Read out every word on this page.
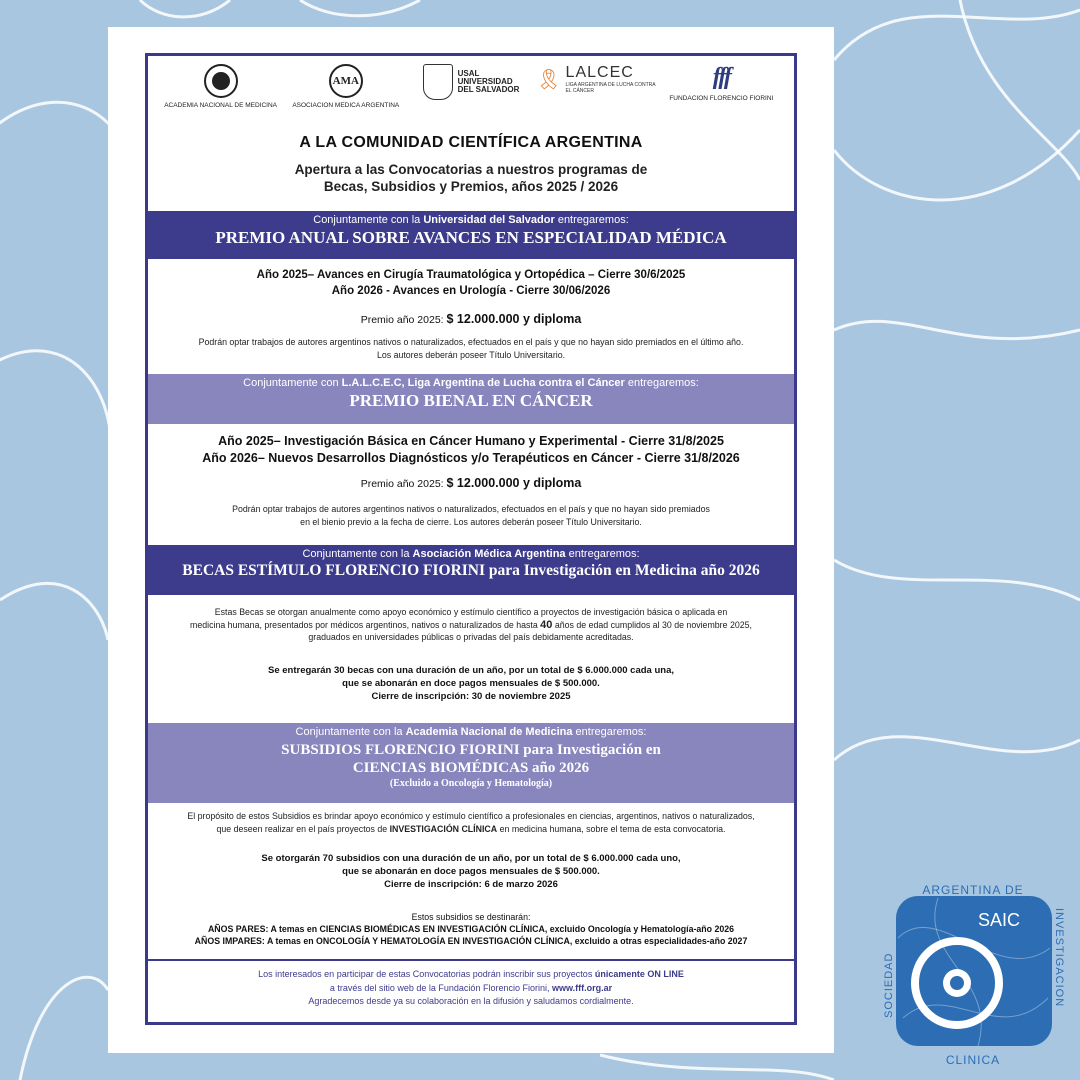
ACADEMIA NACIONAL DE MEDICINA
AMA
ASOCIACION MEDICA ARGENTINA
USAL
UNIVERSIDAD
DEL SALVADOR 🎗 LALCEC
LIGA ARGENTINA DE LUCHA CONTRA EL CÁNCER
fff
FUNDACION FLORENCIO FIORINI
A LA COMUNIDAD CIENTÍFICA ARGENTINA
Apertura a las Convocatorias a nuestros programas de
Becas, Subsidios y Premios, años 2025 / 2026
Conjuntamente con la Universidad del Salvador entregaremos:
PREMIO ANUAL SOBRE AVANCES EN ESPECIALIDAD MÉDICA
Año 2025– Avances en Cirugía Traumatológica y Ortopédica – Cierre 30/6/2025
Año 2026 - Avances en Urología - Cierre 30/06/2026
Premio año 2025: $ 12.000.000 y diploma
Podrán optar trabajos de autores argentinos nativos o naturalizados, efectuados en el país y que no hayan sido premiados en el último año.
Los autores deberán poseer Título Universitario.
Conjuntamente con L.A.L.C.E.C, Liga Argentina de Lucha contra el Cáncer entregaremos:
PREMIO BIENAL EN CÁNCER
Año 2025– Investigación Básica en Cáncer Humano y Experimental - Cierre 31/8/2025
Año 2026– Nuevos Desarrollos Diagnósticos y/o Terapéuticos en Cáncer - Cierre 31/8/2026
Premio año 2025: $ 12.000.000 y diploma
Podrán optar trabajos de autores argentinos nativos o naturalizados, efectuados en el país y que no hayan sido premiados
en el bienio previo a la fecha de cierre. Los autores deberán poseer Título Universitario.
Conjuntamente con la Asociación Médica Argentina entregaremos:
BECAS ESTÍMULO FLORENCIO FIORINI para Investigación en Medicina año 2026
Estas Becas se otorgan anualmente como apoyo económico y estímulo científico a proyectos de investigación básica o aplicada en
medicina humana, presentados por médicos argentinos, nativos o naturalizados de hasta 40 años de edad cumplidos al 30 de noviembre 2025,
graduados en universidades públicas o privadas del país debidamente acreditadas.
Se entregarán 30 becas con una duración de un año, por un total de $ 6.000.000 cada una,
que se abonarán en doce pagos mensuales de $ 500.000.
Cierre de inscripción: 30 de noviembre 2025
Conjuntamente con la Academia Nacional de Medicina entregaremos:
SUBSIDIOS FLORENCIO FIORINI para Investigación en
CIENCIAS BIOMÉDICAS año 2026
(Excluido a Oncología y Hematología)
El propósito de estos Subsidios es brindar apoyo económico y estímulo científico a profesionales en ciencias, argentinos, nativos o naturalizados,
que deseen realizar en el país proyectos de INVESTIGACIÓN CLÍNICA en medicina humana, sobre el tema de esta convocatoria.
Se otorgarán 70 subsidios con una duración de un año, por un total de $ 6.000.000 cada uno,
que se abonarán en doce pagos mensuales de $ 500.000.
Cierre de inscripción: 6 de marzo 2026
Estos subsidios se destinarán:
AÑOS PARES: A temas en CIENCIAS BIOMÉDICAS EN INVESTIGACIÓN CLÍNICA, excluido Oncología y Hematología-año 2026
AÑOS IMPARES: A temas en ONCOLOGÍA Y HEMATOLOGÍA EN INVESTIGACIÓN CLÍNICA, excluido a otras especialidades-año 2027
Los interesados en participar de estas Convocatorias podrán inscribir sus proyectos únicamente ON LINE
a través del sitio web de la Fundación Florencio Fiorini, www.fff.org.ar
Agradecemos desde ya su colaboración en la difusión y saludamos cordialmente.
SAIC
ARGENTINA DE
CLINICA
SOCIEDAD	INVESTIGACION
